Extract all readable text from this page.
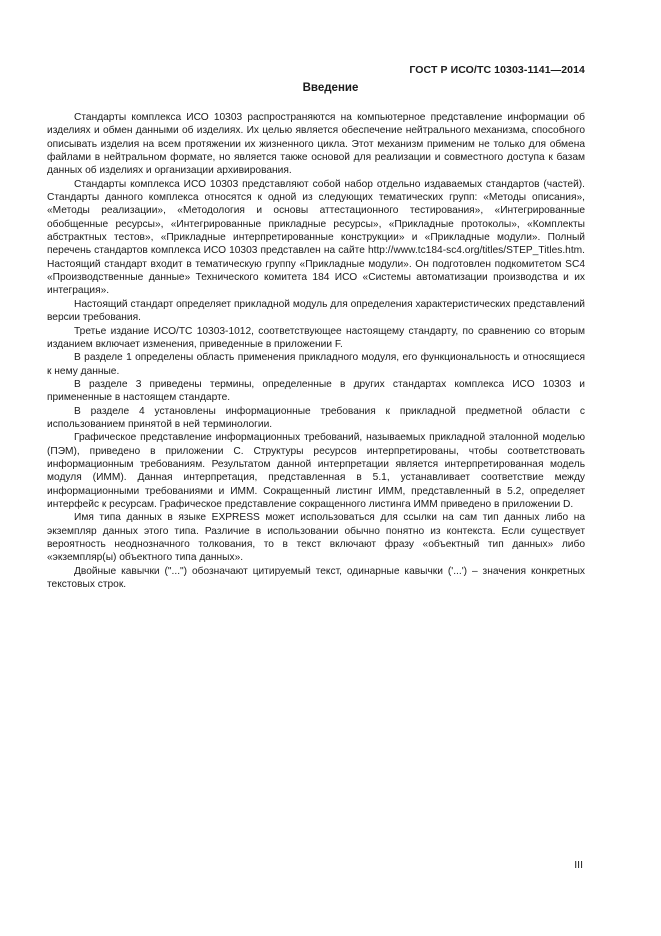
ГОСТ Р ИСО/ТС 10303-1141—2014
Введение

Стандарты комплекса ИСО 10303 распространяются на компьютерное представление информации об изделиях и обмен данными об изделиях. Их целью является обеспечение нейтрального механизма, способного описывать изделия на всем протяжении их жизненного цикла. Этот механизм применим не только для обмена файлами в нейтральном формате, но является также основой для реализации и совместного доступа к базам данных об изделиях и организации архивирования.

Стандарты комплекса ИСО 10303 представляют собой набор отдельно издаваемых стандартов (частей). Стандарты данного комплекса относятся к одной из следующих тематических групп: «Методы описания», «Методы реализации», «Методология и основы аттестационного тестирования», «Интегрированные обобщенные ресурсы», «Интегрированные прикладные ресурсы», «Прикладные протоколы», «Комплекты абстрактных тестов», «Прикладные интерпретированные конструкции» и «Прикладные модули». Полный перечень стандартов комплекса ИСО 10303 представлен на сайте http://www.tc184-sc4.org/titles/STEP_Titles.htm. Настоящий стандарт входит в тематическую группу «Прикладные модули». Он подготовлен подкомитетом SC4 «Производственные данные» Технического комитета 184 ИСО «Системы автоматизации производства и их интеграция».

Настоящий стандарт определяет прикладной модуль для определения характеристических представлений версии требования.

Третье издание ИСО/ТС 10303-1012, соответствующее настоящему стандарту, по сравнению со вторым изданием включает изменения, приведенные в приложении F.

В разделе 1 определены область применения прикладного модуля, его функциональность и относящиеся к нему данные.

В разделе 3 приведены термины, определенные в других стандартах комплекса ИСО 10303 и примененные в настоящем стандарте.

В разделе 4 установлены информационные требования к прикладной предметной области с использованием принятой в ней терминологии.

Графическое представление информационных требований, называемых прикладной эталонной моделью (ПЭМ), приведено в приложении С. Структуры ресурсов интерпретированы, чтобы соответствовать информационным требованиям. Результатом данной интерпретации является интерпретированная модель модуля (ИММ). Данная интерпретация, представленная в 5.1, устанавливает соответствие между информационными требованиями и ИММ. Сокращенный листинг ИММ, представленный в 5.2, определяет интерфейс к ресурсам. Графическое представление сокращенного листинга ИММ приведено в приложении D.

Имя типа данных в языке EXPRESS может использоваться для ссылки на сам тип данных либо на экземпляр данных этого типа. Различие в использовании обычно понятно из контекста. Если существует вероятность неоднозначного толкования, то в текст включают фразу «объектный тип данных» либо «экземпляр(ы) объектного типа данных».

Двойные кавычки ("...") обозначают цитируемый текст, одинарные кавычки ('...') – значения конкретных текстовых строк.

III
